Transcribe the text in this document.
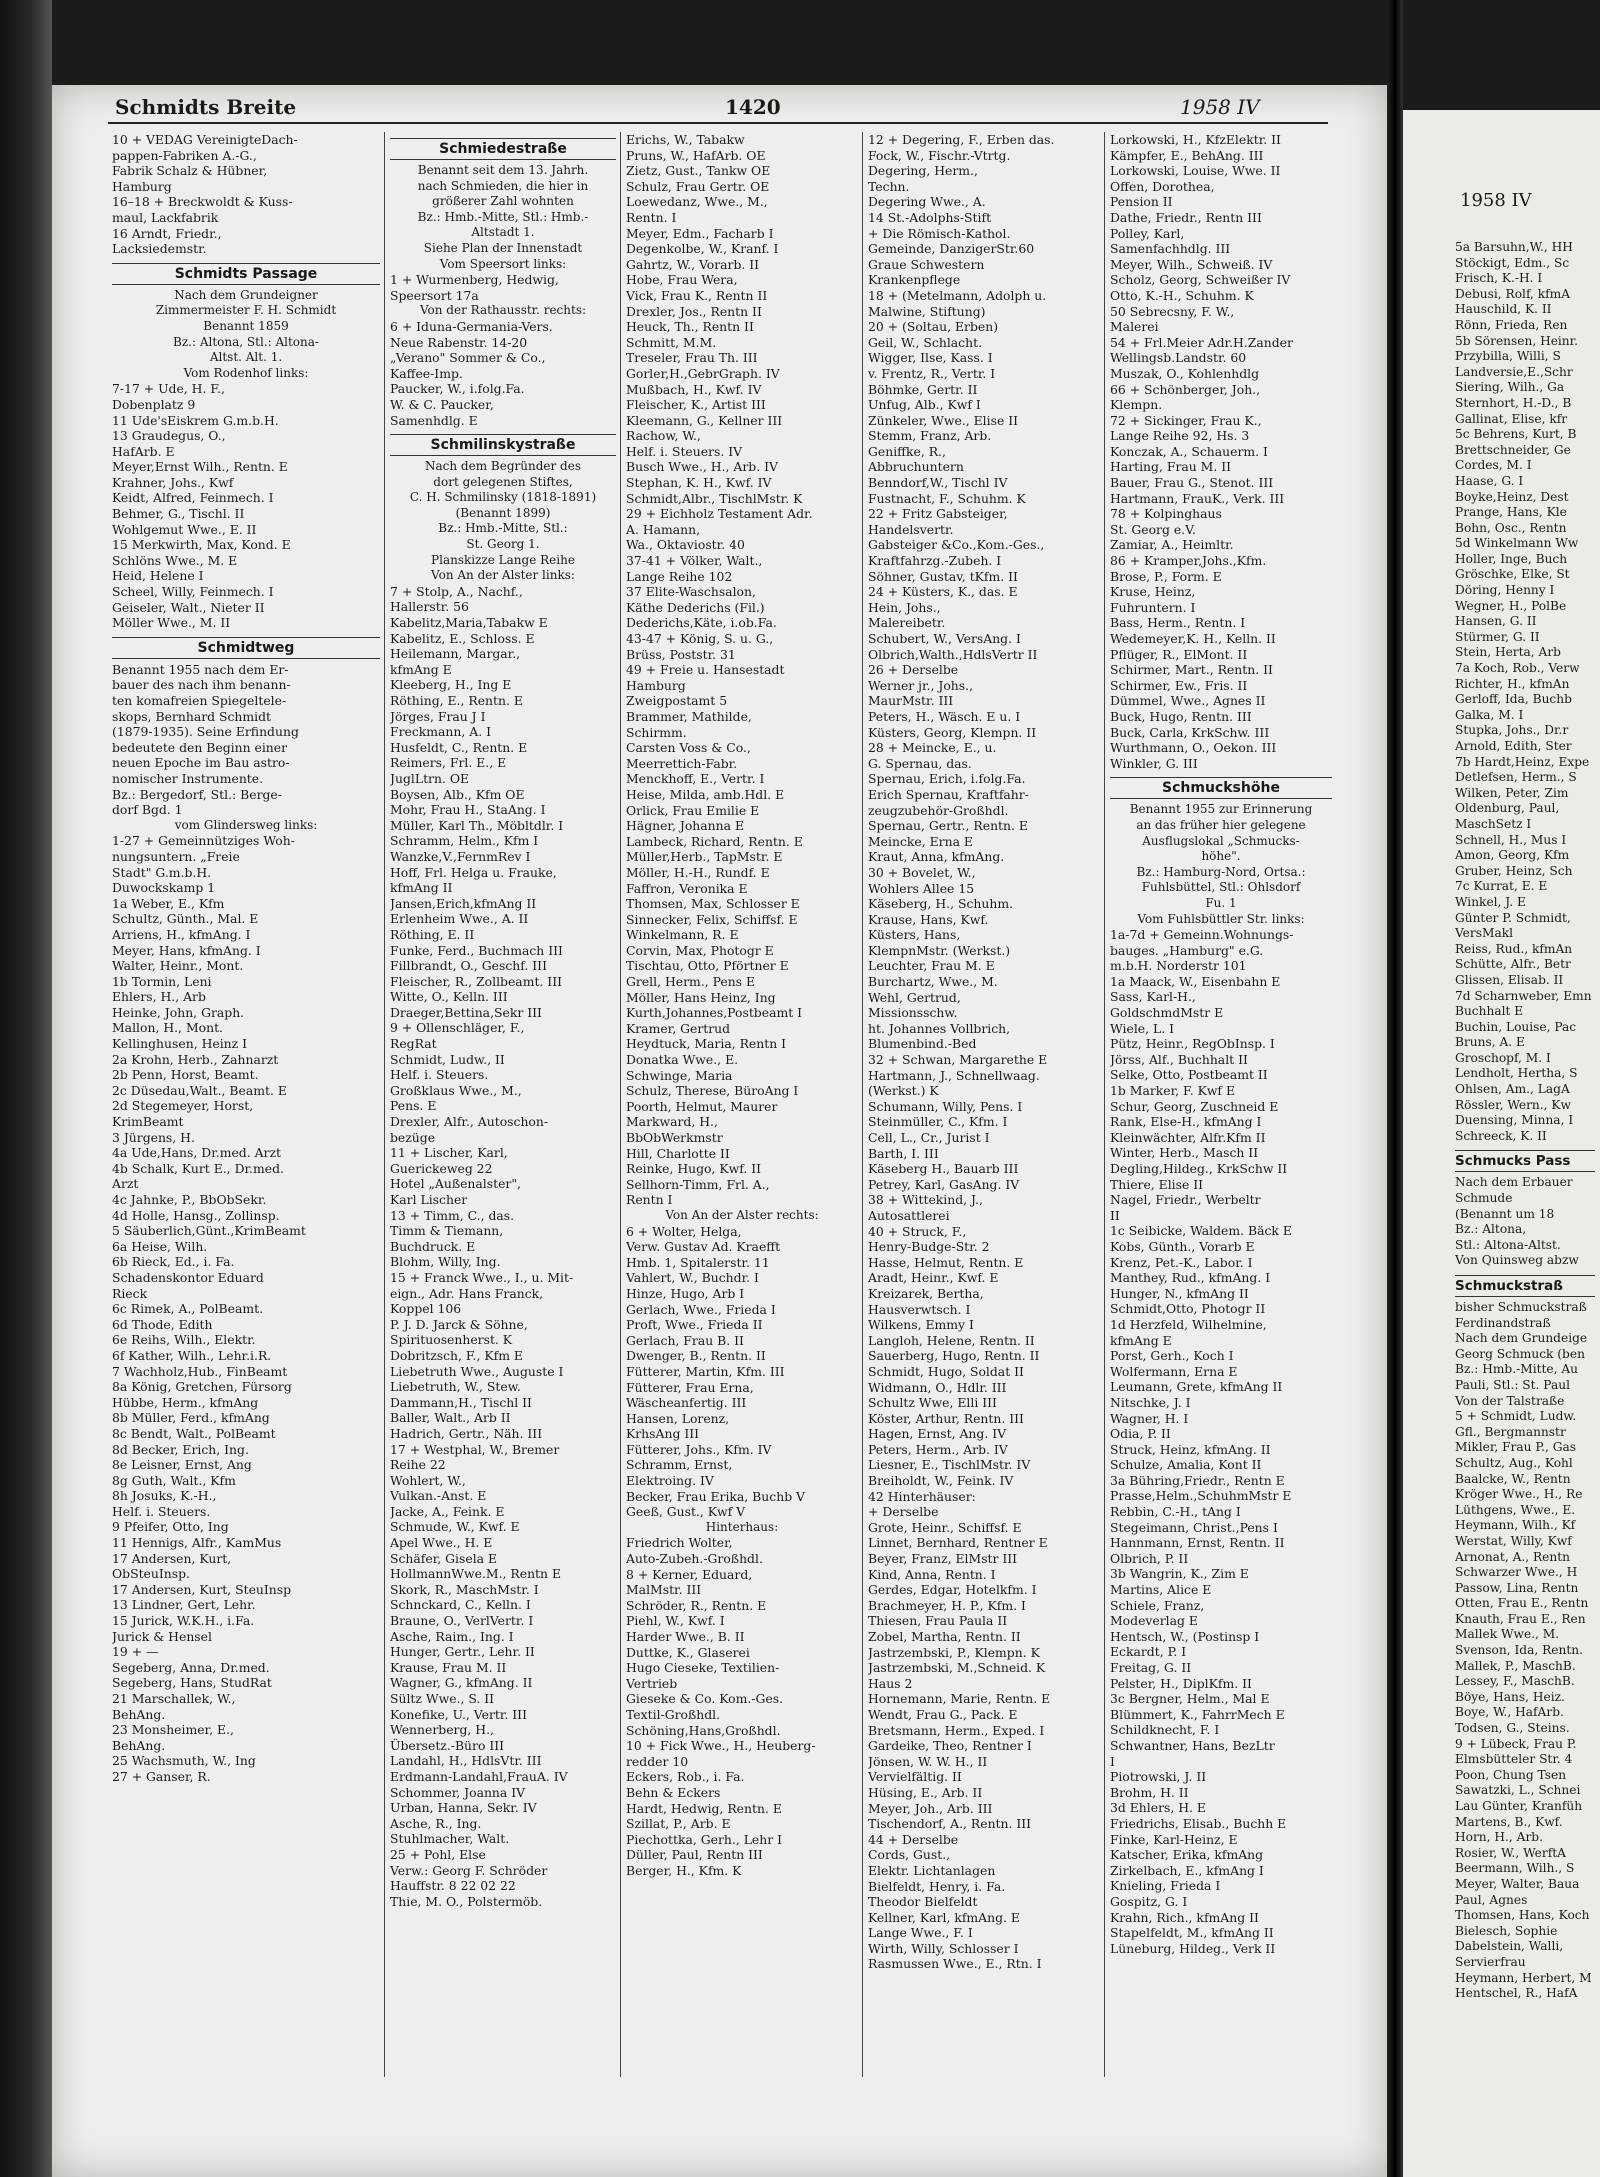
Schmidts Breite	1420	1958 IV
10 + VEDAG VereinigteDach-
pappen-Fabriken A.-G.,
Fabrik Schalz & Hübner,
Hamburg
16–18 + Breckwoldt & Kuss-
maul, Lackfabrik
16 Arndt, Friedr.,
Lacksiedemstr.
Schmidts Passage
Nach dem Grundeigner
Zimmermeister F. H. Schmidt
Benannt 1859
Bz.: Altona, Stl.: Altona-
Altst. Alt. 1.
Vom Rodenhof links:
7-17 + Ude, H. F.,
Dobenplatz 9
11 Ude'sEiskrem G.m.b.H.
13 Graudegus, O.,
HafArb. E
Meyer,Ernst Wilh., Rentn. E
Krahner, Johs., Kwf
Keidt, Alfred, Feinmech. I
Behmer, G., Tischl. II
Wohlgemut Wwe., E. II
15 Merkwirth, Max, Kond. E
Schlöns Wwe., M. E
Heid, Helene I
Scheel, Willy, Feinmech. I
Geiseler, Walt., Nieter II
Möller Wwe., M. II
Schmidtweg
Benannt 1955 nach dem Er-
bauer des nach ihm benann-
ten komafreien Spiegeltele-
skops, Bernhard Schmidt
(1879-1935). Seine Erfindung
bedeutete den Beginn einer
neuen Epoche im Bau astro-
nomischer Instrumente.
Bz.: Bergedorf, Stl.: Berge-
dorf Bgd. 1
vom Glindersweg links:
1-27 + Gemeinnütziges Woh-
nungsuntern. „Freie
Stadt" G.m.b.H.
Duwockskamp 1
1a Weber, E., Kfm
Schultz, Günth., Mal. E
Arriens, H., kfmAng. I
Meyer, Hans, kfmAng. I
Walter, Heinr., Mont.
1b Tormin, Leni
Ehlers, H., Arb
Heinke, John, Graph.
Mallon, H., Mont.
Kellinghusen, Heinz I
2a Krohn, Herb., Zahnarzt
2b Penn, Horst, Beamt.
2c Düsedau,Walt., Beamt. E
2d Stegemeyer, Horst,
KrimBeamt
3 Jürgens, H.
4a Ude,Hans, Dr.med. Arzt
4b Schalk, Kurt E., Dr.med.
Arzt
4c Jahnke, P., BbObSekr.
4d Holle, Hansg., Zollinsp.
5 Säuberlich,Günt.,KrimBeamt
6a Heise, Wilh.
6b Rieck, Ed., i. Fa.
Schadenskontor Eduard
Rieck
6c Rimek, A., PolBeamt.
6d Thode, Edith
6e Reihs, Wilh., Elektr.
6f Kather, Wilh., Lehr.i.R.
7 Wachholz,Hub., FinBeamt
8a König, Gretchen, Fürsorg
Hübbe, Herm., kfmAng
8b Müller, Ferd., kfmAng
8c Bendt, Walt., PolBeamt
8d Becker, Erich, Ing.
8e Leisner, Ernst, Ang
8g Guth, Walt., Kfm
8h Josuks, K.-H.,
Helf. i. Steuers.
9 Pfeifer, Otto, Ing
11 Hennigs, Alfr., KamMus
17 Andersen, Kurt,
ObSteuInsp.
17 Andersen, Kurt, SteuInsp
13 Lindner, Gert, Lehr.
15 Jurick, W.K.H., i.Fa.
Jurick & Hensel
19 + —
Segeberg, Anna, Dr.med.
Segeberg, Hans, StudRat
21 Marschallek, W.,
BehAng.
23 Monsheimer, E.,
BehAng.
25 Wachsmuth, W., Ing
27 + Ganser, R.
Schmiedestraße
Benannt seit dem 13. Jahrh.
nach Schmieden, die hier in
größerer Zahl wohnten
Bz.: Hmb.-Mitte, Stl.: Hmb.-
Altstadt 1.
Siehe Plan der Innenstadt
Vom Speersort links:
1 + Wurmenberg, Hedwig,
Speersort 17a
Von der Rathausstr. rechts:
6 + Iduna-Germania-Vers.
Neue Rabenstr. 14-20
„Verano" Sommer & Co.,
Kaffee-Imp.
Paucker, W., i.folg.Fa.
W. & C. Paucker,
Samenhdlg. E
Schmilinskystraße
Nach dem Begründer des
dort gelegenen Stiftes,
C. H. Schmilinsky (1818-1891)
(Benannt 1899)
Bz.: Hmb.-Mitte, Stl.:
St. Georg 1.
Planskizze Lange Reihe
Von An der Alster links:
7 + Stolp, A., Nachf.,
Hallerstr. 56
Kabelitz,Maria,Tabakw E
Kabelitz, E., Schloss. E
Heilemann, Margar.,
kfmAng E
Kleeberg, H., Ing E
Röthing, E., Rentn. E
Jörges, Frau J I
Freckmann, A. I
Husfeldt, C., Rentn. E
Reimers, Frl. E., E
JuglLtrn. OE
Boysen, Alb., Kfm OE
Mohr, Frau H., StaAng. I
Müller, Karl Th., Möbltdlr. I
Schramm, Helm., Kfm I
Wanzke,V.,FernmRev I
Hoff, Frl. Helga u. Frauke,
kfmAng II
Jansen,Erich,kfmAng II
Erlenheim Wwe., A. II
Röthing, E. II
Funke, Ferd., Buchmach III
Fillbrandt, O., Geschf. III
Fleischer, R., Zollbeamt. III
Witte, O., Kelln. III
Draeger,Bettina,Sekr III
9 + Ollenschläger, F.,
RegRat
Schmidt, Ludw., II
Helf. i. Steuers.
Großklaus Wwe., M.,
Pens. E
Drexler, Alfr., Autoschon-
bezüge
11 + Lischer, Karl,
Guerickeweg 22
Hotel „Außenalster",
Karl Lischer
13 + Timm, C., das.
Timm & Tiemann,
Buchdruck. E
Blohm, Willy, Ing.
15 + Franck Wwe., I., u. Mit-
eign., Adr. Hans Franck,
Koppel 106
P. J. D. Jarck & Söhne,
Spirituosenherst. K
Dobritzsch, F., Kfm E
Liebetruth Wwe., Auguste I
Liebetruth, W., Stew.
Dammann,H., Tischl II
Baller, Walt., Arb II
Hadrich, Gertr., Näh. III
17 + Westphal, W., Bremer
Reihe 22
Wohlert, W.,
Vulkan.-Anst. E
Jacke, A., Feink. E
Schmude, W., Kwf. E
Apel Wwe., H. E
Schäfer, Gisela E
HollmannWwe.M., Rentn E
Skork, R., MaschMstr. I
Schnckard, C., Kelln. I
Braune, O., VerlVertr. I
Asche, Raim., Ing. I
Hunger, Gertr., Lehr. II
Krause, Frau M. II
Wagner, G., kfmAng. II
Sültz Wwe., S. II
Konefike, U., Vertr. III
Wennerberg, H.,
Übersetz.-Büro III
Landahl, H., HdlsVtr. III
Erdmann-Landahl,FrauA. IV
Schommer, Joanna IV
Urban, Hanna, Sekr. IV
Asche, R., Ing.
Stuhlmacher, Walt.
25 + Pohl, Else
Verw.: Georg F. Schröder
Hauffstr. 8 22 02 22
Thie, M. O., Polstermöb.
Erichs, W., Tabakw
Pruns, W., HafArb. OE
Zietz, Gust., Tankw OE
Schulz, Frau Gertr. OE
Loewedanz, Wwe., M.,
Rentn. I
Meyer, Edm., Facharb I
Degenkolbe, W., Kranf. I
Gahrtz, W., Vorarb. II
Hobe, Frau Wera,
Vick, Frau K., Rentn II
Drexler, Jos., Rentn II
Heuck, Th., Rentn II
Schmitt, M.M.
Treseler, Frau Th. III
Gorler,H.,GebrGraph. IV
Mußbach, H., Kwf. IV
Fleischer, K., Artist III
Kleemann, G., Kellner III
Rachow, W.,
Helf. i. Steuers. IV
Busch Wwe., H., Arb. IV
Stephan, K. H., Kwf. IV
Schmidt,Albr., TischlMstr. K
29 + Eichholz Testament Adr.
A. Hamann,
Wa., Oktaviostr. 40
37-41 + Völker, Walt.,
Lange Reihe 102
37 Elite-Waschsalon,
Käthe Dederichs (Fil.)
Dederichs,Käte, i.ob.Fa.
43-47 + König, S. u. G.,
Brüss, Poststr. 31
49 + Freie u. Hansestadt
Hamburg
Zweigpostamt 5
Brammer, Mathilde,
Schirmm.
Carsten Voss & Co.,
Meerrettich-Fabr.
Menckhoff, E., Vertr. I
Heise, Milda, amb.Hdl. E
Orlick, Frau Emilie E
Hägner, Johanna E
Lambeck, Richard, Rentn. E
Müller,Herb., TapMstr. E
Möller, H.-H., Rundf. E
Faffron, Veronika E
Thomsen, Max, Schlosser E
Sinnecker, Felix, Schiffsf. E
Winkelmann, R. E
Corvin, Max, Photogr E
Tischtau, Otto, Pförtner E
Grell, Herm., Pens E
Möller, Hans Heinz, Ing
Kurth,Johannes,Postbeamt I
Kramer, Gertrud
Heydtuck, Maria, Rentn I
Donatka Wwe., E.
Schwinge, Maria
Schulz, Therese, BüroAng I
Poorth, Helmut, Maurer
Markward, H.,
BbObWerkmstr
Hill, Charlotte II
Reinke, Hugo, Kwf. II
Sellhorn-Timm, Frl. A.,
Rentn I
Von An der Alster rechts:
6 + Wolter, Helga,
Verw. Gustav Ad. Kraefft
Hmb. 1, Spitalerstr. 11
Vahlert, W., Buchdr. I
Hinze, Hugo, Arb I
Gerlach, Wwe., Frieda I
Proft, Wwe., Frieda II
Gerlach, Frau B. II
Dwenger, B., Rentn. II
Fütterer, Martin, Kfm. III
Fütterer, Frau Erna,
Wäscheanfertig. III
Hansen, Lorenz,
KrhsAng III
Fütterer, Johs., Kfm. IV
Schramm, Ernst,
Elektroing. IV
Becker, Frau Erika, Buchb V
Geeß, Gust., Kwf V
Hinterhaus:
Friedrich Wolter,
Auto-Zubeh.-Großhdl.
8 + Kerner, Eduard,
MalMstr. III
Schröder, R., Rentn. E
Piehl, W., Kwf. I
Harder Wwe., B. II
Duttke, K., Glaserei
Hugo Cieseke, Textilien-
Vertrieb
Gieseke & Co. Kom.-Ges.
Textil-Großhdl.
Schöning,Hans,Großhdl.
10 + Fick Wwe., H., Heuberg-
redder 10
Eckers, Rob., i. Fa.
Behn & Eckers
Hardt, Hedwig, Rentn. E
Szillat, P., Arb. E
Piechottka, Gerh., Lehr I
Düller, Paul, Rentn III
Berger, H., Kfm. K
12 + Degering, F., Erben das.
Fock, W., Fischr.-Vtrtg.
Degering, Herm.,
Techn.
Degering Wwe., A.
14 St.-Adolphs-Stift
+ Die Römisch-Kathol.
Gemeinde, DanzigerStr.60
Graue Schwestern
Krankenpflege
18 + (Metelmann, Adolph u.
Malwine, Stiftung)
20 + (Soltau, Erben)
Geil, W., Schlacht.
Wigger, Ilse, Kass. I
v. Frentz, R., Vertr. I
Böhmke, Gertr. II
Unfug, Alb., Kwf I
Zünkeler, Wwe., Elise II
Stemm, Franz, Arb.
Geniffke, R.,
Abbruchuntern
Benndorf,W., Tischl IV
Fustnacht, F., Schuhm. K
22 + Fritz Gabsteiger,
Handelsvertr.
Gabsteiger &Co.,Kom.-Ges.,
Kraftfahrzg.-Zubeh. I
Söhner, Gustav, tKfm. II
24 + Küsters, K., das. E
Hein, Johs.,
Malereibetr.
Schubert, W., VersAng. I
Olbrich,Walth.,HdlsVertr II
26 + Derselbe
Werner jr., Johs.,
MaurMstr. III
Peters, H., Wäsch. E u. I
Küsters, Georg, Klempn. II
28 + Meincke, E., u.
G. Spernau, das.
Spernau, Erich, i.folg.Fa.
Erich Spernau, Kraftfahr-
zeugzubehör-Großhdl.
Spernau, Gertr., Rentn. E
Meincke, Erna E
Kraut, Anna, kfmAng.
30 + Bovelet, W.,
Wohlers Allee 15
Käseberg, H., Schuhm.
Krause, Hans, Kwf.
Küsters, Hans,
KlempnMstr. (Werkst.)
Leuchter, Frau M. E
Burchartz, Wwe., M.
Wehl, Gertrud,
Missionsschw.
ht. Johannes Vollbrich,
Blumenbind.-Bed
32 + Schwan, Margarethe E
Hartmann, J., Schnellwaag.
(Werkst.) K
Schumann, Willy, Pens. I
Steinmüller, C., Kfm. I
Cell, L., Cr., Jurist I
Barth, I. III
Käseberg H., Bauarb III
Petrey, Karl, GasAng. IV
38 + Wittekind, J.,
Autosattlerei
40 + Struck, F.,
Henry-Budge-Str. 2
Hasse, Helmut, Rentn. E
Aradt, Heinr., Kwf. E
Kreizarek, Bertha,
Hausverwtsch. I
Wilkens, Emmy I
Langloh, Helene, Rentn. II
Sauerberg, Hugo, Rentn. II
Schmidt, Hugo, Soldat II
Widmann, O., Hdlr. III
Schultz Wwe, Elli III
Köster, Arthur, Rentn. III
Hagen, Ernst, Ang. IV
Peters, Herm., Arb. IV
Liesner, E., TischlMstr. IV
Breiholdt, W., Feink. IV
42 Hinterhäuser:
+ Derselbe
Grote, Heinr., Schiffsf. E
Linnet, Bernhard, Rentner E
Beyer, Franz, ElMstr III
Kind, Anna, Rentn. I
Gerdes, Edgar, Hotelkfm. I
Brachmeyer, H. P., Kfm. I
Thiesen, Frau Paula II
Zobel, Martha, Rentn. II
Jastrzembski, P., Klempn. K
Jastrzembski, M.,Schneid. K
Haus 2
Hornemann, Marie, Rentn. E
Wendt, Frau G., Pack. E
Bretsmann, Herm., Exped. I
Gardeike, Theo, Rentner I
Jönsen, W. W. H., II
Vervielfältig. II
Hüsing, E., Arb. II
Meyer, Joh., Arb. III
Tischendorf, A., Rentn. III
44 + Derselbe
Cords, Gust.,
Elektr. Lichtanlagen
Bielfeldt, Henry, i. Fa.
Theodor Bielfeldt
Kellner, Karl, kfmAng. E
Lange Wwe., F. I
Wirth, Willy, Schlosser I
Rasmussen Wwe., E., Rtn. I
Lorkowski, H., KfzElektr. II
Kämpfer, E., BehAng. III
Lorkowski, Louise, Wwe. II
Offen, Dorothea,
Pension II
Dathe, Friedr., Rentn III
Polley, Karl,
Samenfachhdlg. III
Meyer, Wilh., Schweiß. IV
Scholz, Georg, Schweißer IV
Otto, K.-H., Schuhm. K
50 Sebrecsny, F. W.,
Malerei
54 + Frl.Meier Adr.H.Zander
Wellingsb.Landstr. 60
Muszak, O., Kohlenhdlg
66 + Schönberger, Joh.,
Klempn.
72 + Sickinger, Frau K.,
Lange Reihe 92, Hs. 3
Konczak, A., Schauerm. I
Harting, Frau M. II
Bauer, Frau G., Stenot. III
Hartmann, FrauK., Verk. III
78 + Kolpinghaus
St. Georg e.V.
Zamiar, A., Heimltr.
86 + Kramper,Johs.,Kfm.
Brose, P., Form. E
Kruse, Heinz,
Fuhruntern. I
Bass, Herm., Rentn. I
Wedemeyer,K. H., Kelln. II
Pflüger, R., ElMont. II
Schirmer, Mart., Rentn. II
Schirmer, Ew., Fris. II
Dümmel, Wwe., Agnes II
Buck, Hugo, Rentn. III
Buck, Carla, KrkSchw. III
Wurthmann, O., Oekon. III
Winkler, G. III
Schmuckshöhe
Benannt 1955 zur Erinnerung
an das früher hier gelegene
Ausflugslokal „Schmucks-
höhe".
Bz.: Hamburg-Nord, Ortsa.:
Fuhlsbüttel, Stl.: Ohlsdorf
Fu. 1
Vom Fuhlsbüttler Str. links:
1a-7d + Gemeinn.Wohnungs-
bauges. „Hamburg" e.G.
m.b.H. Norderstr 101
1a Maack, W., Eisenbahn E
Sass, Karl-H.,
GoldschmdMstr E
Wiele, L. I
Pütz, Heinr., RegObInsp. I
Jörss, Alf., Buchhalt II
Selke, Otto, Postbeamt II
1b Marker, F. Kwf E
Schur, Georg, Zuschneid E
Rank, Else-H., kfmAng I
Kleinwächter, Alfr.Kfm II
Winter, Herb., Masch II
Degling,Hildeg., KrkSchw II
Thiere, Elise II
Nagel, Friedr., Werbeltr
II
1c Seibicke, Waldem. Bäck E
Kobs, Günth., Vorarb E
Krenz, Pet.-K., Labor. I
Manthey, Rud., kfmAng. I
Hunger, N., kfmAng II
Schmidt,Otto, Photogr II
1d Herzfeld, Wilhelmine,
kfmAng E
Porst, Gerh., Koch I
Wolfermann, Erna E
Leumann, Grete, kfmAng II
Nitschke, J. I
Wagner, H. I
Odia, P. II
Struck, Heinz, kfmAng. II
Schulze, Amalia, Kont II
3a Bühring,Friedr., Rentn E
Prasse,Helm.,SchuhmMstr E
Rebbin, C.-H., tAng I
Stegeimann, Christ.,Pens I
Hannmann, Ernst, Rentn. II
Olbrich, P. II
3b Wangrin, K., Zim E
Martins, Alice E
Schiele, Franz,
Modeverlag E
Hentsch, W., (Postinsp I
Eckardt, P. I
Freitag, G. II
Pelster, H., DiplKfm. II
3c Bergner, Helm., Mal E
Blümmert, K., FahrrMech E
Schildknecht, F. I
Schwantner, Hans, BezLtr
I
Piotrowski, J. II
Brohm, H. II
3d Ehlers, H. E
Friedrichs, Elisab., Buchh E
Finke, Karl-Heinz, E
Katscher, Erika, kfmAng
Zirkelbach, E., kfmAng I
Knieling, Frieda I
Gospitz, G. I
Krahn, Rich., kfmAng II
Stapelfeldt, M., kfmAng II
Lüneburg, Hildeg., Verk II
1958 IV
5a Barsuhn,W., HH
Stöckigt, Edm., Sc
Frisch, K.-H. I
Debusi, Rolf, kfmA
Hauschild, K. II
Rönn, Frieda, Ren
5b Sörensen, Heinr.
Przybilla, Willi, S
Landversie,E.,Schr
Siering, Wilh., Ga
Sternhort, H.-D., B
Gallinat, Elise, kfr
5c Behrens, Kurt, B
Brettschneider, Ge
Cordes, M. I
Haase, G. I
Boyke,Heinz, Dest
Prange, Hans, Kle
Bohn, Osc., Rentn
5d Winkelmann Ww
Holler, Inge, Buch
Gröschke, Elke, St
Döring, Henny I
Wegner, H., PolBe
Hansen, G. II
Stürmer, G. II
Stein, Herta, Arb
7a Koch, Rob., Verw
Richter, H., kfmAn
Gerloff, Ida, Buchb
Galka, M. I
Stupka, Johs., Dr.r
Arnold, Edith, Ster
7b Hardt,Heinz, Expe
Detlefsen, Herm., S
Wilken, Peter, Zim
Oldenburg, Paul,
MaschSetz I
Schnell, H., Mus I
Amon, Georg, Kfm
Gruber, Heinz, Sch
7c Kurrat, E. E
Winkel, J. E
Günter P. Schmidt,
VersMakl
Reiss, Rud., kfmAn
Schütte, Alfr., Betr
Glissen, Elisab. II
7d Scharnweber, Emn
Buchhalt E
Buchin, Louise, Pac
Bruns, A. E
Groschopf, M. I
Lendholt, Hertha, S
Ohlsen, Am., LagA
Rössler, Wern., Kw
Duensing, Minna, I
Schreeck, K. II
Schmucks Pass
Nach dem Erbauer
Schmude
(Benannt um 18
Bz.: Altona,
Stl.: Altona-Altst.
Von Quinsweg abzw
Schmuckstraß
bisher Schmuckstraß
Ferdinandstraß
Nach dem Grundeige
Georg Schmuck (ben
Bz.: Hmb.-Mitte, Au
Pauli, Stl.: St. Paul
Von der Talstraße
5 + Schmidt, Ludw.
Gfl., Bergmannstr
Mikler, Frau P., Gas
Schultz, Aug., Kohl
Baalcke, W., Rentn
Kröger Wwe., H., Re
Lüthgens, Wwe., E.
Heymann, Wilh., Kf
Werstat, Willy, Kwf
Arnonat, A., Rentn
Schwarzer Wwe., H
Passow, Lina, Rentn
Otten, Frau E., Rentn
Knauth, Frau E., Ren
Mallek Wwe., M.
Svenson, Ida, Rentn.
Mallek, P., MaschB.
Lessey, F., MaschB.
Böye, Hans, Heiz.
Boye, W., HafArb.
Todsen, G., Steins.
9 + Lübeck, Frau P.
Elmsbütteler Str. 4
Poon, Chung Tsen
Sawatzki, L., Schnei
Lau Günter, Kranfüh
Martens, B., Kwf.
Horn, H., Arb.
Rosier, W., WerftA
Beermann, Wilh., S
Meyer, Walter, Baua
Paul, Agnes
Thomsen, Hans, Koch
Bielesch, Sophie
Dabelstein, Walli,
Servierfrau
Heymann, Herbert, M
Hentschel, R., HafA
